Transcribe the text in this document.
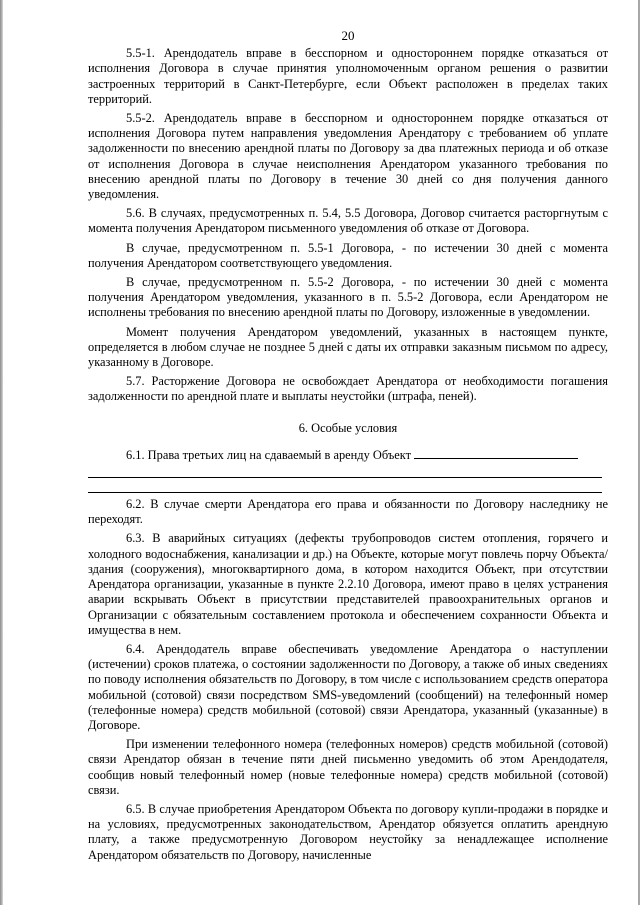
20

5.5-1. Арендодатель вправе в бесспорном и одностороннем порядке отказаться от исполнения Договора в случае принятия уполномоченным органом решения о развитии застроенных территорий в Санкт-Петербурге, если Объект расположен в пределах таких территорий.

5.5-2. Арендодатель вправе в бесспорном и одностороннем порядке отказаться от исполнения Договора путем направления уведомления Арендатору с требованием об уплате задолженности по внесению арендной платы по Договору за два платежных периода и об отказе от исполнения Договора в случае неисполнения Арендатором указанного требования по внесению арендной платы по Договору в течение 30 дней со дня получения данного уведомления.

5.6. В случаях, предусмотренных п. 5.4, 5.5 Договора, Договор считается расторгнутым с момента получения Арендатором письменного уведомления об отказе от Договора.

В случае, предусмотренном п. 5.5-1 Договора, - по истечении 30 дней с момента получения Арендатором соответствующего уведомления.

В случае, предусмотренном п. 5.5-2 Договора, - по истечении 30 дней с момента получения Арендатором уведомления, указанного в п. 5.5-2 Договора, если Арендатором не исполнены требования по внесению арендной платы по Договору, изложенные в уведомлении.

Момент получения Арендатором уведомлений, указанных в настоящем пункте, определяется в любом случае не позднее 5 дней с даты их отправки заказным письмом по адресу, указанному в Договоре.

5.7. Расторжение Договора не освобождает Арендатора от необходимости погашения задолженности по арендной плате и выплаты неустойки (штрафа, пеней).

6. Особые условия

6.1. Права третьих лиц на сдаваемый в аренду Объект

6.2. В случае смерти Арендатора его права и обязанности по Договору наследнику не переходят.

6.3. В аварийных ситуациях (дефекты трубопроводов систем отопления, горячего и холодного водоснабжения, канализации и др.) на Объекте, которые могут повлечь порчу Объекта/здания (сооружения), многоквартирного дома, в котором находится Объект, при отсутствии Арендатора организации, указанные в пункте 2.2.10 Договора, имеют право в целях устранения аварии вскрывать Объект в присутствии представителей правоохранительных органов и Организации с обязательным составлением протокола и обеспечением сохранности Объекта и имущества в нем.

6.4. Арендодатель вправе обеспечивать уведомление Арендатора о наступлении (истечении) сроков платежа, о состоянии задолженности по Договору, а также об иных сведениях по поводу исполнения обязательств по Договору, в том числе с использованием средств оператора мобильной (сотовой) связи посредством SMS-уведомлений (сообщений) на телефонный номер (телефонные номера) средств мобильной (сотовой) связи Арендатора, указанный (указанные) в Договоре.

При изменении телефонного номера (телефонных номеров) средств мобильной (сотовой) связи Арендатор обязан в течение пяти дней письменно уведомить об этом Арендодателя, сообщив новый телефонный номер (новые телефонные номера) средств мобильной (сотовой) связи.

6.5. В случае приобретения Арендатором Объекта по договору купли-продажи в порядке и на условиях, предусмотренных законодательством, Арендатор обязуется оплатить арендную плату, а также предусмотренную Договором неустойку за ненадлежащее исполнение Арендатором обязательств по Договору, начисленные
